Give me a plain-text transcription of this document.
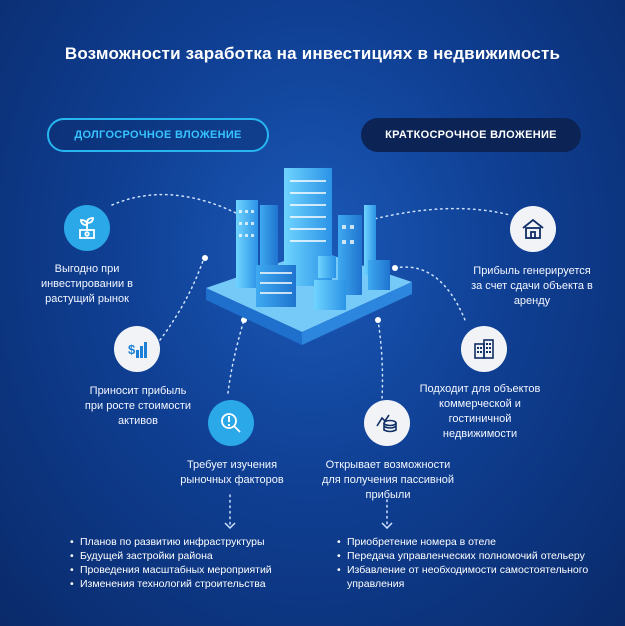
Возможности заработка на инвестициях в недвижимость
ДОЛГОСРОЧНОЕ ВЛОЖЕНИЕ	КРАТКОСРОЧНОЕ ВЛОЖЕНИЕ
Выгодно при инвестировании в растущий рынок
$
Приносит прибыль при росте стоимости активов
Требует изучения рыночных факторов
• Планов по развитию инфраструктуры
• Будущей застройки района
• Проведения масштабных мероприятий
• Изменения технологий строительства
Прибыль генерируется за счет сдачи объекта в аренду
Подходит для объектов коммерческой и гостиничной недвижимости
Открывает возможности для получения пассивной прибыли
• Приобретение номера в отеле
• Передача управленческих полномочий отельеру
• Избавление от необходимости самостоятельного управления
